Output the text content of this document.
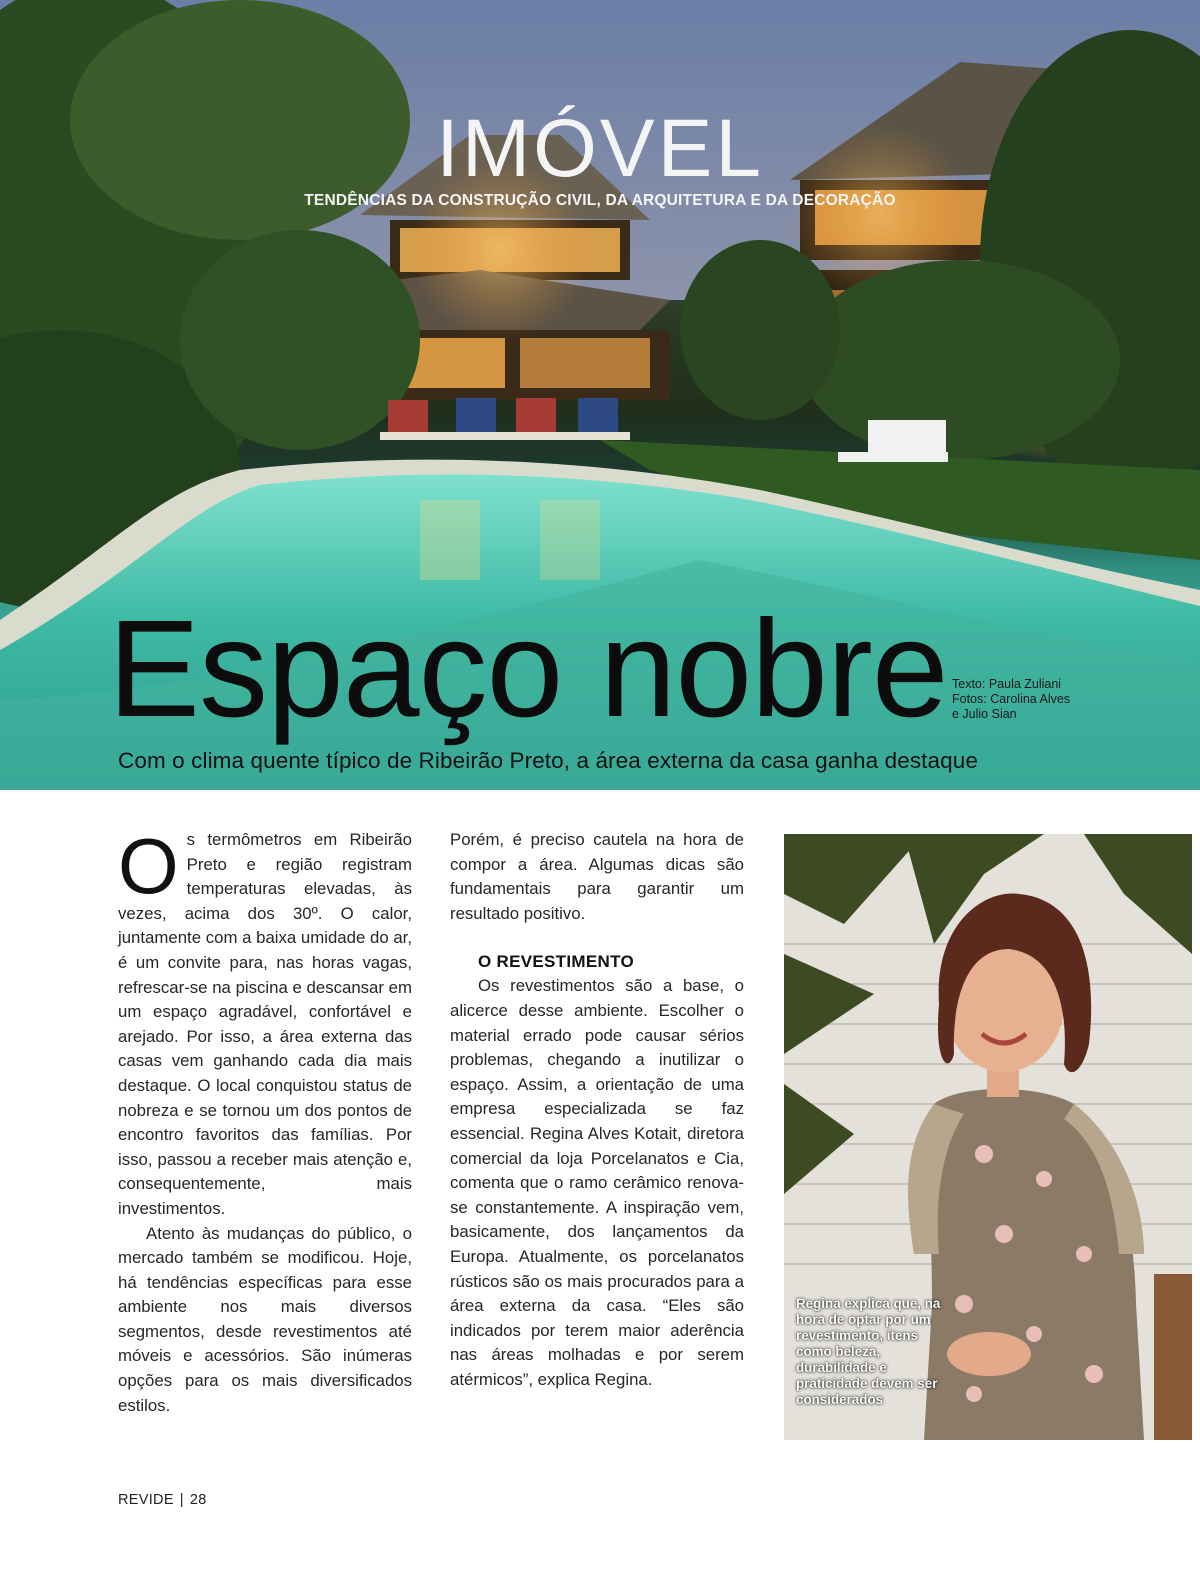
IMÓVEL
TENDÊNCIAS DA CONSTRUÇÃO CIVIL, DA ARQUITETURA E DA DECORAÇÃO
Espaço nobre Texto: Paula Zuliani
Fotos: Carolina Alves
e Julio Sian
Com o clima quente típico de Ribeirão Preto, a área externa da casa ganha destaque

Os termômetros em Ribeirão Preto e região registram temperaturas elevadas, às vezes, acima dos 30º. O calor, juntamente com a baixa umidade do ar, é um convite para, nas horas vagas, refrescar-se na piscina e descansar em um espaço agradável, confortável e arejado. Por isso, a área externa das casas vem ganhando cada dia mais destaque. O local conquistou status de nobreza e se tornou um dos pontos de encontro favoritos das famílias. Por isso, passou a receber mais atenção e, consequentemente, mais investimentos.

Atento às mudanças do público, o mercado também se modificou. Hoje, há tendências específicas para esse ambiente nos mais diversos segmentos, desde revestimentos até móveis e acessórios. São inúmeras opções para os mais diversificados estilos.

Porém, é preciso cautela na hora de compor a área. Algumas dicas são fundamentais para garantir um resultado positivo.

O REVESTIMENTO

Os revestimentos são a base, o alicerce desse ambiente. Escolher o material errado pode causar sérios problemas, chegando a inutilizar o espaço. Assim, a orientação de uma empresa especializada se faz essencial. Regina Alves Kotait, diretora comercial da loja Porcelanatos e Cia, comenta que o ramo cerâmico renova-se constantemente. A inspiração vem, basicamente, dos lançamentos da Europa. Atualmente, os porcelanatos rústicos são os mais procurados para a área externa da casa. “Eles são indicados por terem maior aderência nas áreas molhadas e por serem atérmicos”, explica Regina.

Regina explica que, na hora de optar por um revestimento, itens como beleza, durabilidade e praticidade devem ser considerados
REVIDE | 28
